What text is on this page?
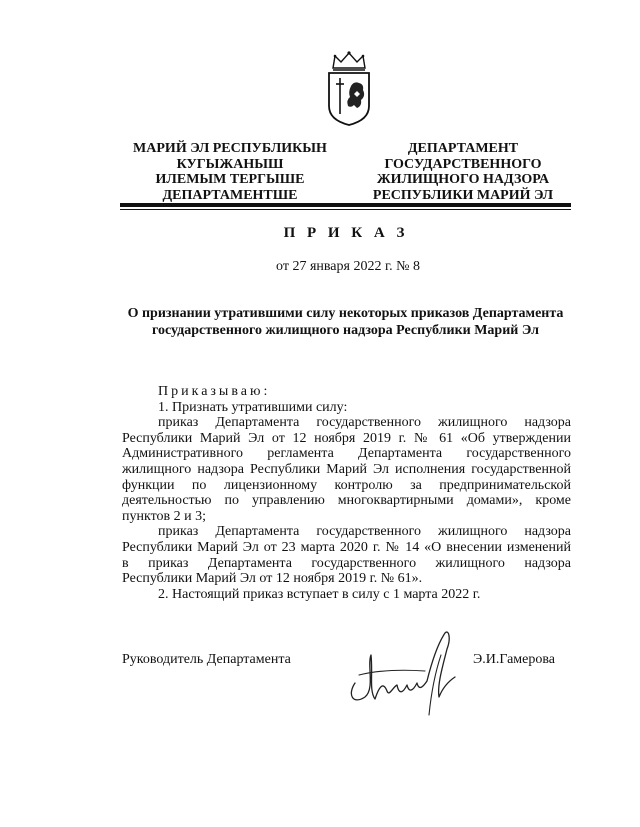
МАРИЙ ЭЛ РЕСПУБЛИКЫН
КУГЫЖАНЫШ
ИЛЕМЫМ ТЕРГЫШЕ
ДЕПАРТАМЕНТШЕ
ДЕПАРТАМЕНТ
ГОСУДАРСТВЕННОГО
ЖИЛИЩНОГО НАДЗОРА
РЕСПУБЛИКИ МАРИЙ ЭЛ
П Р И К А З
от 27 января 2022 г. № 8
О признании утратившими силу некоторых приказов Департамента
государственного жилищного надзора Республики Марий Эл
Приказываю:
1. Признать утратившими силу:
приказ Департамента государственного жилищного надзора
Республики Марий Эл от 12 ноября 2019 г. № 61 «Об утверждении
Административного регламента Департамента государственного
жилищного надзора Республики Марий Эл исполнения государственной
функции по лицензионному контролю за предпринимательской
деятельностью по управлению многоквартирными домами», кроме
пунктов 2 и 3;
приказ Департамента государственного жилищного надзора
Республики Марий Эл от 23 марта 2020 г. № 14 «О внесении изменений
в приказ Департамента государственного жилищного надзора
Республики Марий Эл от 12 ноября 2019 г. № 61».
2. Настоящий приказ вступает в силу с 1 марта 2022 г.
Руководитель Департамента	Э.И.Гамерова
